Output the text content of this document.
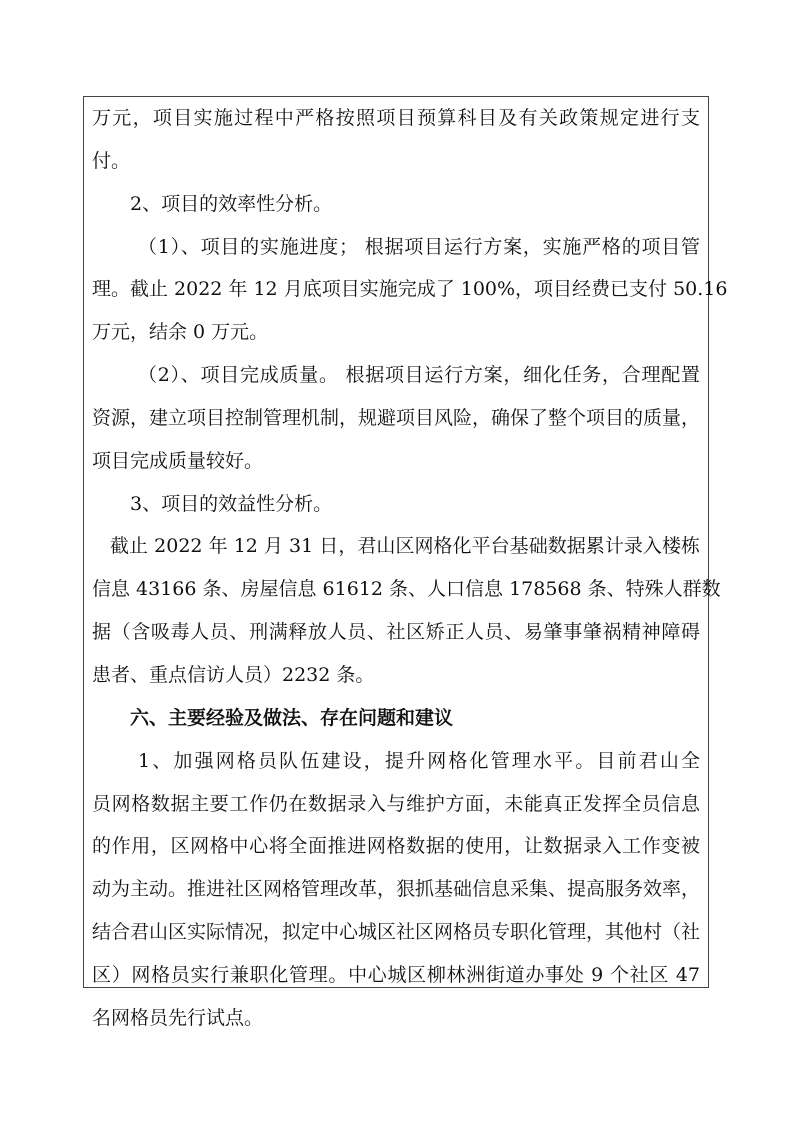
万元，项目实施过程中严格按照项目预算科目及有关政策规定进行支
付。
2、项目的效率性分析。
（1）、项目的实施进度； 根据项目运行方案，实施严格的项目管
理。截止 2022 年 12 月底项目实施完成了 100%，项目经费已支付 50.16
万元，结余 0 万元。
（2）、项目完成质量。 根据项目运行方案，细化任务，合理配置
资源，建立项目控制管理机制，规避项目风险，确保了整个项目的质量，
项目完成质量较好。
3、项目的效益性分析。
截止 2022 年 12 月 31 日，君山区网格化平台基础数据累计录入楼栋
信息 43166 条、房屋信息 61612 条、人口信息 178568 条、特殊人群数
据（含吸毒人员、刑满释放人员、社区矫正人员、易肇事肇祸精神障碍
患者、重点信访人员）2232 条。
六、主要经验及做法、存在问题和建议
1、加强网格员队伍建设，提升网格化管理水平。目前君山全
员网格数据主要工作仍在数据录入与维护方面，未能真正发挥全员信息
的作用，区网格中心将全面推进网格数据的使用，让数据录入工作变被
动为主动。推进社区网格管理改革，狠抓基础信息采集、提高服务效率，
结合君山区实际情况，拟定中心城区社区网格员专职化管理，其他村（社
区）网格员实行兼职化管理。中心城区柳林洲街道办事处 9 个社区 47
名网格员先行试点。
